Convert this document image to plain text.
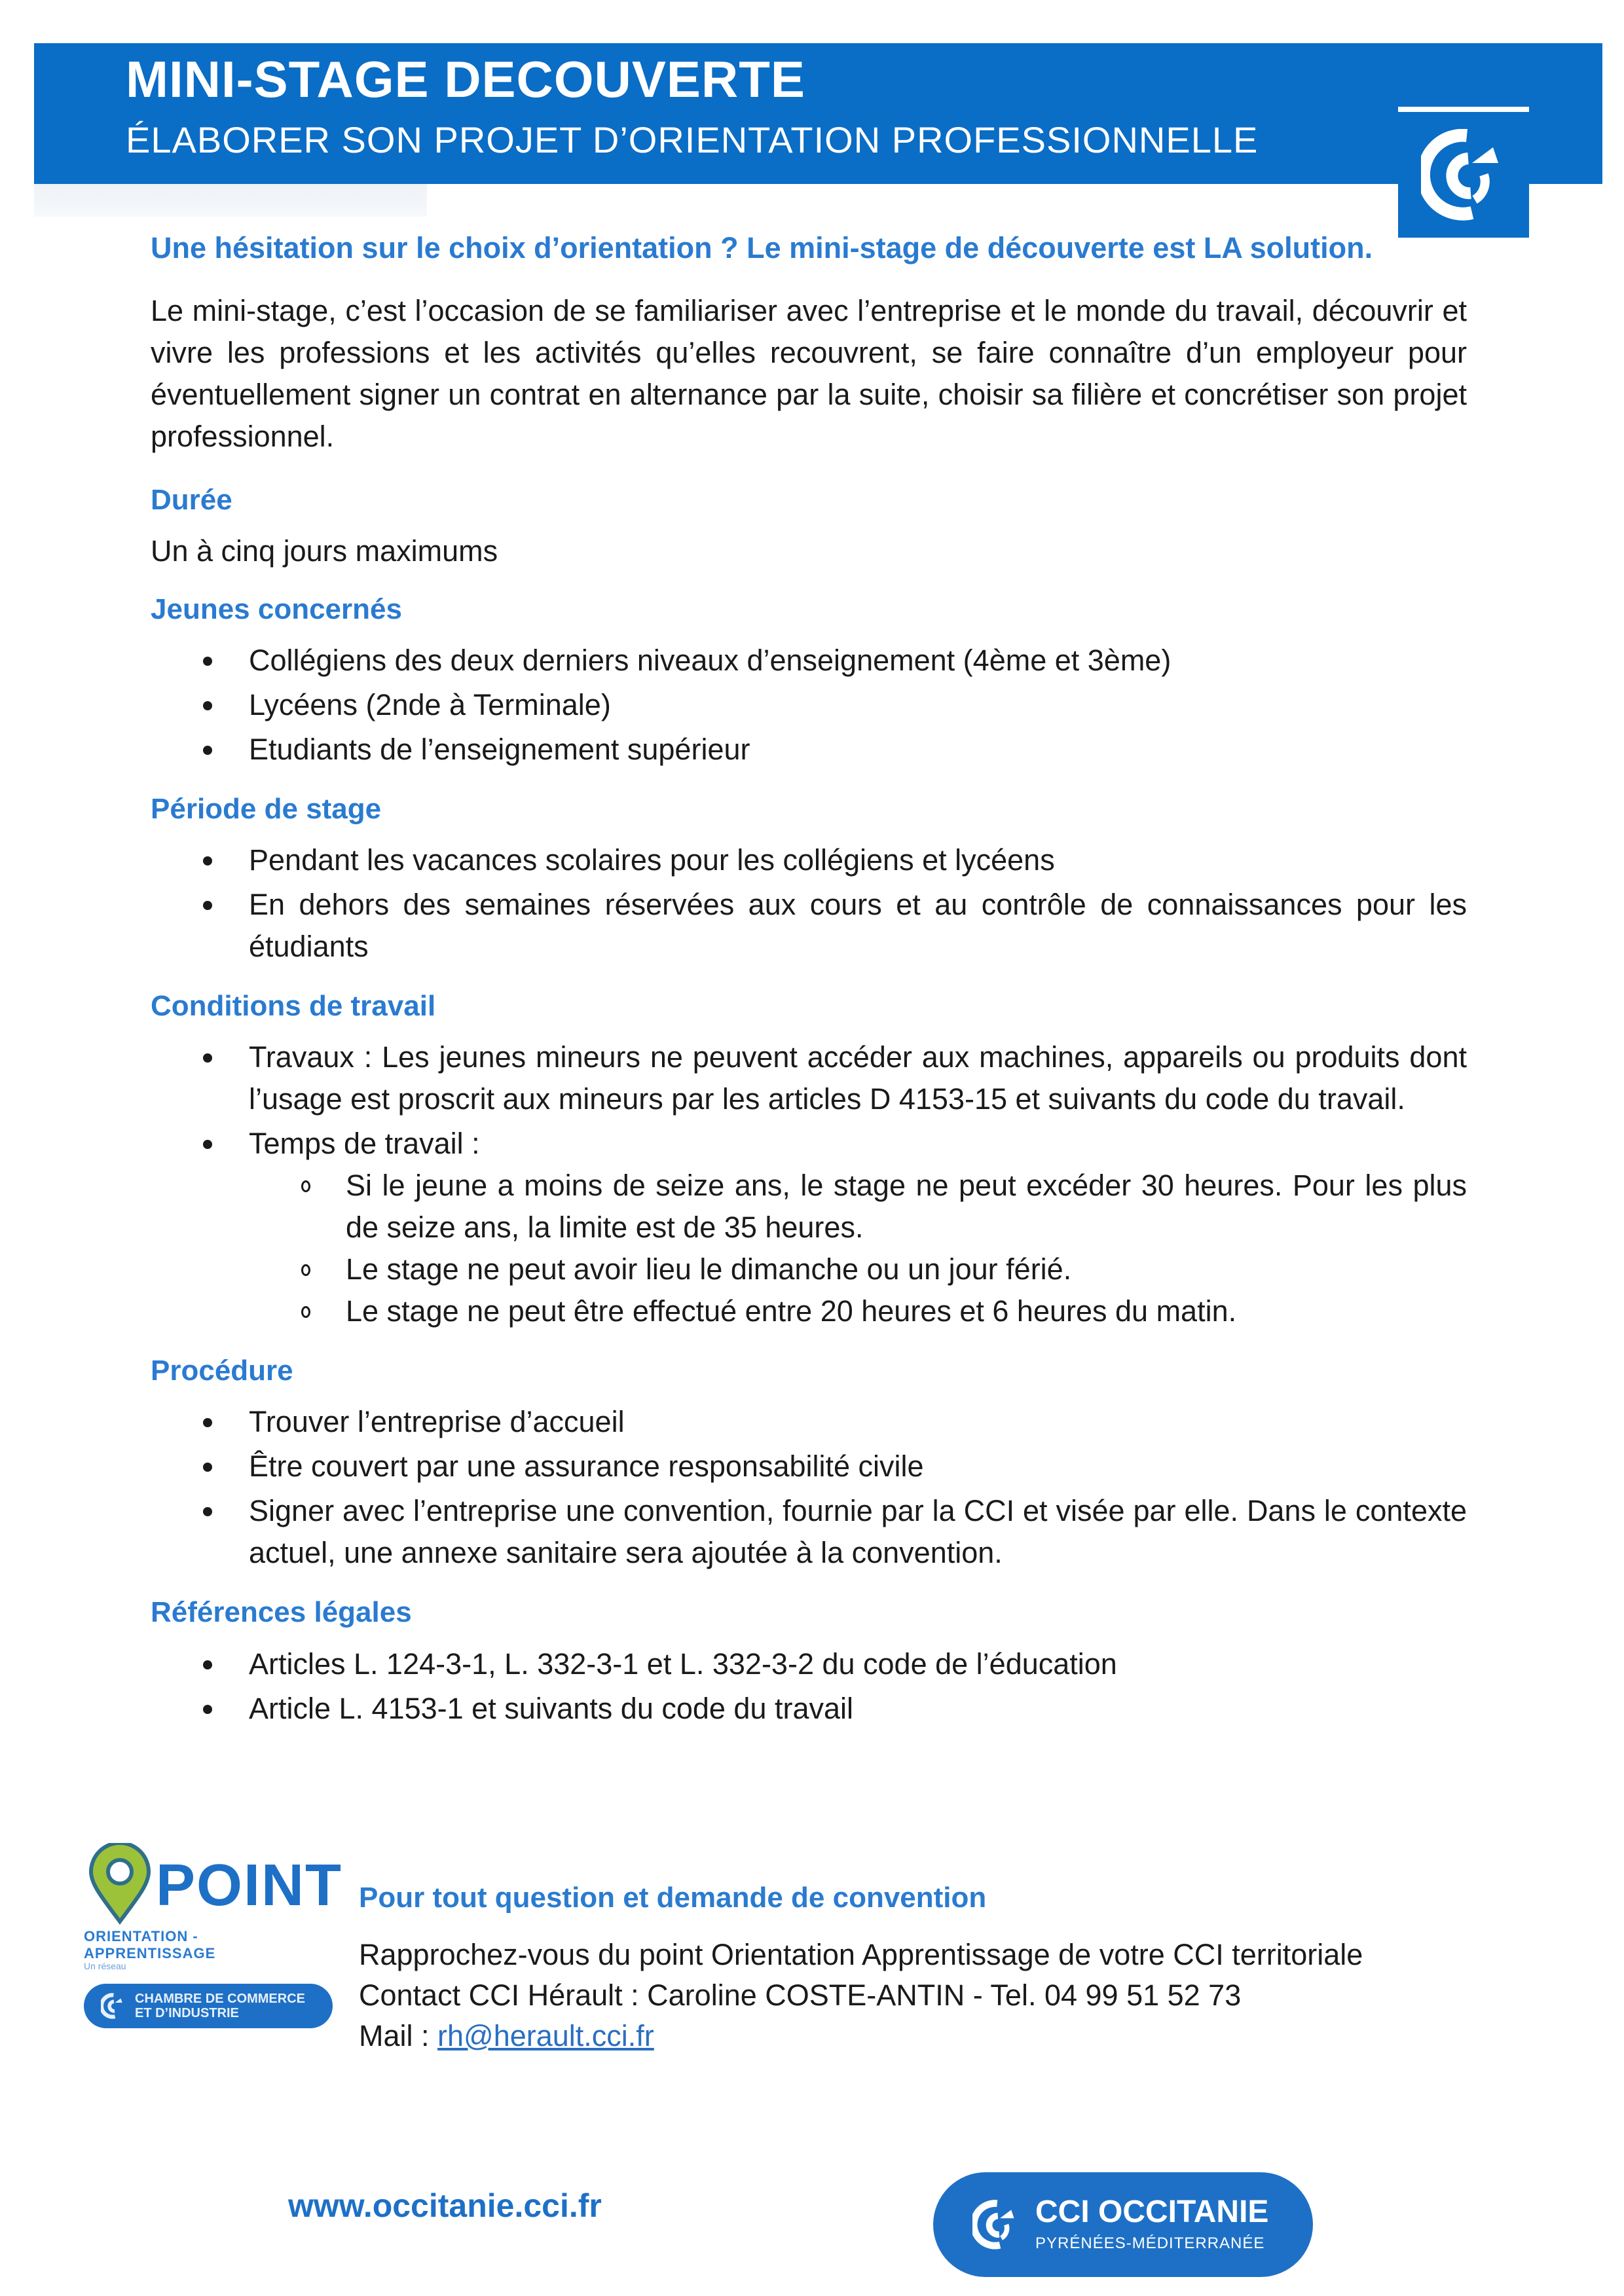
MINI-STAGE DECOUVERTE
ÉLABORER SON PROJET D’ORIENTATION PROFESSIONNELLE

Une hésitation sur le choix d’orientation ? Le mini-stage de découverte est LA solution.

Le mini-stage, c’est l’occasion de se familiariser avec l’entreprise et le monde du travail, découvrir et vivre les professions et les activités qu’elles recouvrent, se faire connaître d’un employeur pour éventuellement signer un contrat en alternance par la suite, choisir sa filière et concrétiser son projet professionnel.

Durée

Un à cinq jours maximums

Jeunes concernés
Collégiens des deux derniers niveaux d’enseignement (4ème et 3ème)
Lycéens (2nde à Terminale)
Etudiants de l’enseignement supérieur
Période de stage
Pendant les vacances scolaires pour les collégiens et lycéens
En dehors des semaines réservées aux cours et au contrôle de connaissances pour les étudiants
Conditions de travail
Travaux : Les jeunes mineurs ne peuvent accéder aux machines, appareils ou produits dont l’usage est proscrit aux mineurs par les articles D 4153-15 et suivants du code du travail.
Temps de travail :
Si le jeune a moins de seize ans, le stage ne peut excéder 30 heures. Pour les plus de seize ans, la limite est de 35 heures.
Le stage ne peut avoir lieu le dimanche ou un jour férié.
Le stage ne peut être effectué entre 20 heures et 6 heures du matin.
Procédure
Trouver l’entreprise d’accueil
Être couvert par une assurance responsabilité civile
Signer avec l’entreprise une convention, fournie par la CCI et visée par elle. Dans le contexte actuel, une annexe sanitaire sera ajoutée à la convention.
Références légales
Articles L. 124-3-1, L. 332-3-1 et L. 332-3-2 du code de l’éducation
Article L. 4153-1 et suivants du code du travail
POINT
ORIENTATION - APPRENTISSAGE
Un réseau
CHAMBRE DE COMMERCE
ET D’INDUSTRIE
Pour tout question et demande de convention
Rapprochez-vous du point Orientation Apprentissage de votre CCI territoriale
Contact CCI Hérault : Caroline COSTE-ANTIN - Tel. 04 99 51 52 73
Mail : rh@herault.cci.fr
www.occitanie.cci.fr	CCI OCCITANIE
PYRÉNÉES-MÉDITERRANÉE
